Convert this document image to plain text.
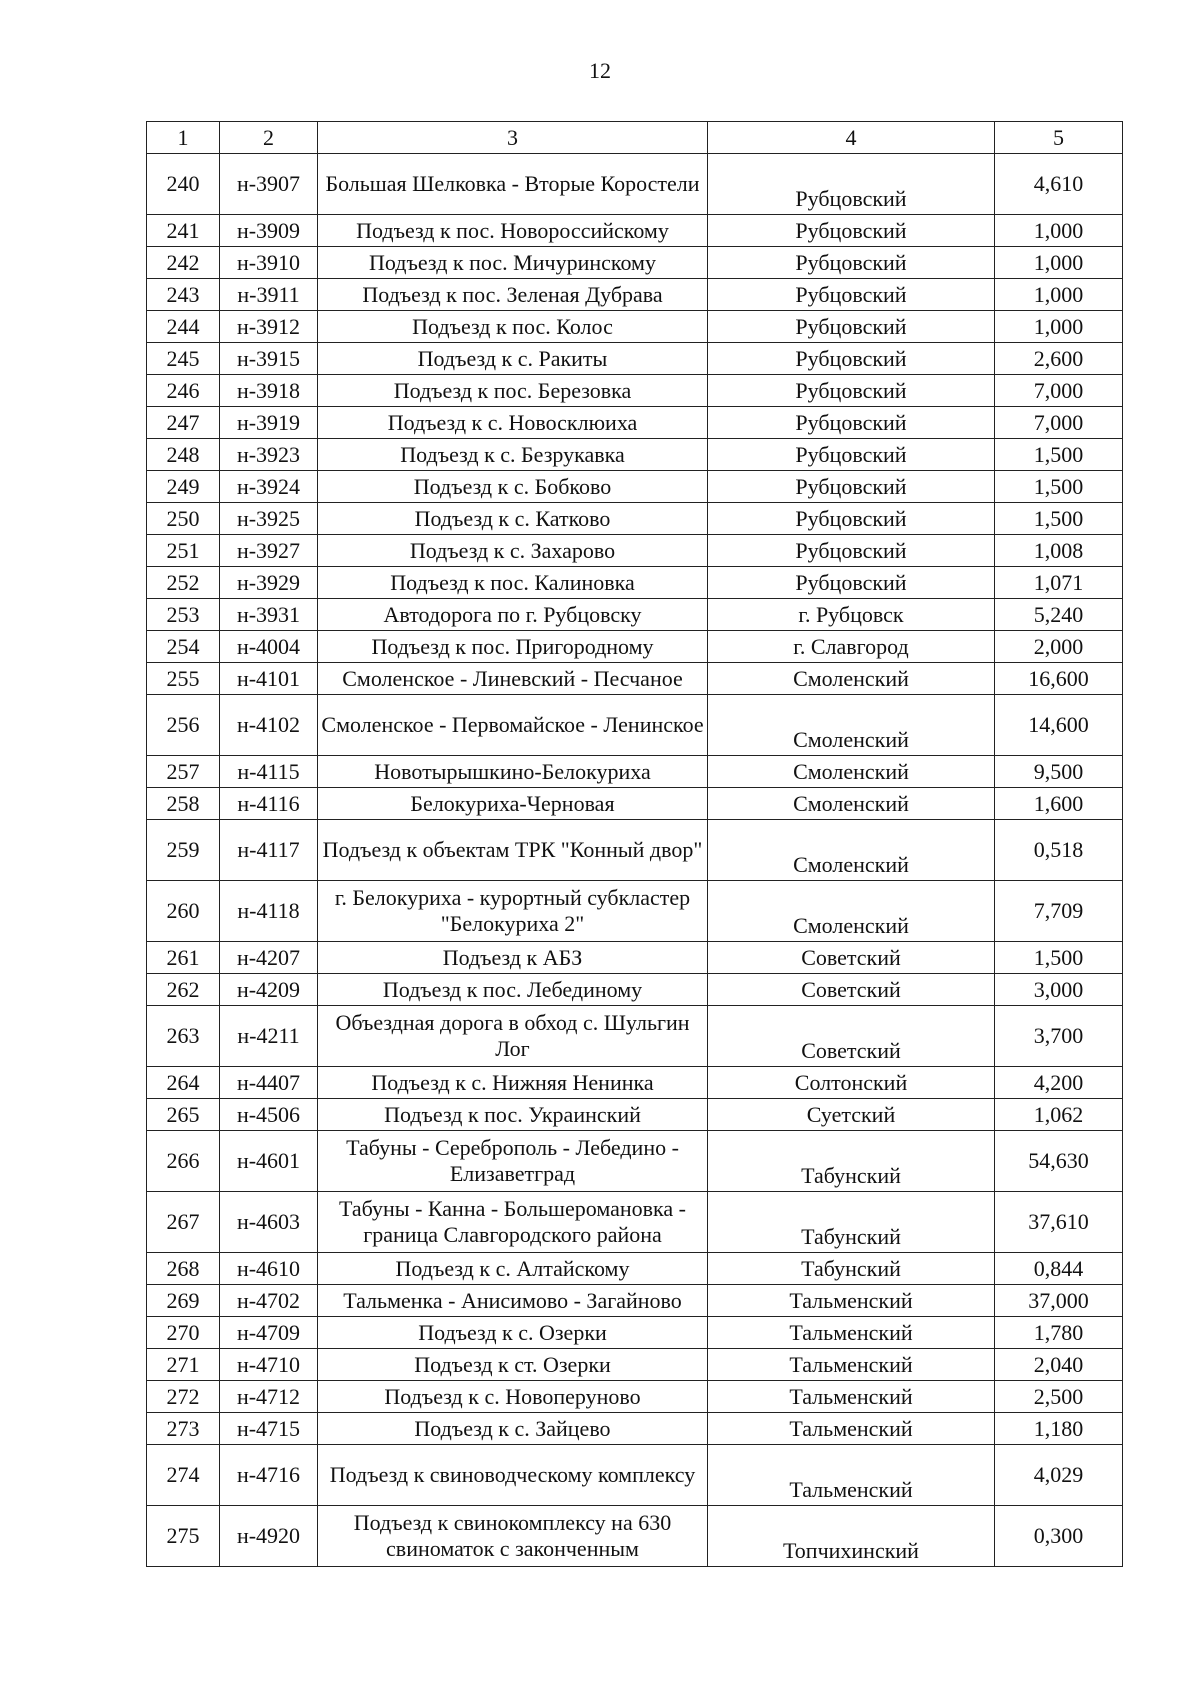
12
1	2	3	4	5
240	н-3907	Большая Шелковка - Вторые Коростели	Рубцовский	4,610
241	н-3909	Подъезд к пос. Новороссийскому	Рубцовский	1,000
242	н-3910	Подъезд к пос. Мичуринскому	Рубцовский	1,000
243	н-3911	Подъезд к пос. Зеленая Дубрава	Рубцовский	1,000
244	н-3912	Подъезд к пос. Колос	Рубцовский	1,000
245	н-3915	Подъезд к с. Ракиты	Рубцовский	2,600
246	н-3918	Подъезд к пос. Березовка	Рубцовский	7,000
247	н-3919	Подъезд к с. Новосклюиха	Рубцовский	7,000
248	н-3923	Подъезд к с. Безрукавка	Рубцовский	1,500
249	н-3924	Подъезд к с. Бобково	Рубцовский	1,500
250	н-3925	Подъезд к с. Катково	Рубцовский	1,500
251	н-3927	Подъезд к с. Захарово	Рубцовский	1,008
252	н-3929	Подъезд к пос. Калиновка	Рубцовский	1,071
253	н-3931	Автодорога по г. Рубцовску	г. Рубцовск	5,240
254	н-4004	Подъезд к пос. Пригородному	г. Славгород	2,000
255	н-4101	Смоленское - Линевский - Песчаное	Смоленский	16,600
256	н-4102	Смоленское - Первомайское - Ленинское	Смоленский	14,600
257	н-4115	Новотырышкино-Белокуриха	Смоленский	9,500
258	н-4116	Белокуриха-Черновая	Смоленский	1,600
259	н-4117	Подъезд к объектам ТРК "Конный двор"	Смоленский	0,518
260	н-4118	г. Белокуриха - курортный субкластер "Белокуриха 2"	Смоленский	7,709
261	н-4207	Подъезд к АБЗ	Советский	1,500
262	н-4209	Подъезд к пос. Лебединому	Советский	3,000
263	н-4211	Объездная дорога в обход с. Шульгин Лог	Советский	3,700
264	н-4407	Подъезд к с. Нижняя Ненинка	Солтонский	4,200
265	н-4506	Подъезд к пос. Украинский	Суетский	1,062
266	н-4601	Табуны - Сереброполь - Лебедино - Елизаветград	Табунский	54,630
267	н-4603	Табуны - Канна - Большеромановка - граница Славгородского района	Табунский	37,610
268	н-4610	Подъезд к с. Алтайскому	Табунский	0,844
269	н-4702	Тальменка - Анисимово - Загайново	Тальменский	37,000
270	н-4709	Подъезд к с. Озерки	Тальменский	1,780
271	н-4710	Подъезд к ст. Озерки	Тальменский	2,040
272	н-4712	Подъезд к с. Новоперуново	Тальменский	2,500
273	н-4715	Подъезд к с. Зайцево	Тальменский	1,180
274	н-4716	Подъезд к свиноводческому комплексу	Тальменский	4,029
275	н-4920	Подъезд к свинокомплексу на 630 свиноматок с законченным	Топчихинский	0,300
